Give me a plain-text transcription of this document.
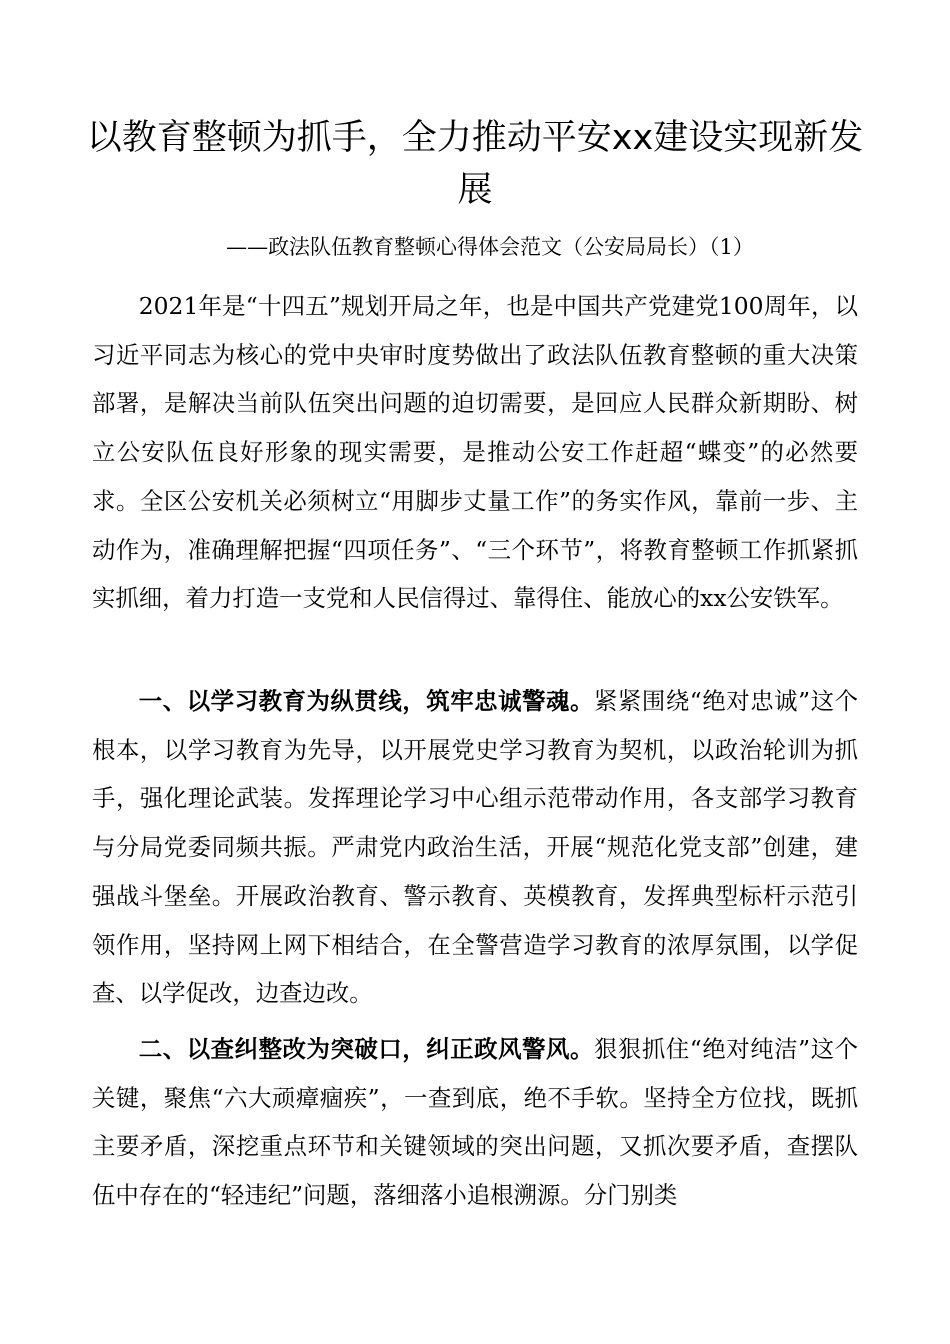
以教育整顿为抓手，全力推动平安xx建设实现新发展
——政法队伍教育整顿心得体会范文（公安局局长）（1）

2021年是“十四五”规划开局之年，也是中国共产党建党100周年，以习近平同志为核心的党中央审时度势做出了政法队伍教育整顿的重大决策部署，是解决当前队伍突出问题的迫切需要，是回应人民群众新期盼、树立公安队伍良好形象的现实需要，是推动公安工作赶超“蝶变”的必然要求。全区公安机关必须树立“用脚步丈量工作”的务实作风，靠前一步、主动作为，准确理解把握“四项任务”、“三个环节”，将教育整顿工作抓紧抓实抓细，着力打造一支党和人民信得过、靠得住、能放心的xx公安铁军。

一、以学习教育为纵贯线，筑牢忠诚警魂。紧紧围绕“绝对忠诚”这个根本，以学习教育为先导，以开展党史学习教育为契机，以政治轮训为抓手，强化理论武装。发挥理论学习中心组示范带动作用，各支部学习教育与分局党委同频共振。严肃党内政治生活，开展“规范化党支部”创建，建强战斗堡垒。开展政治教育、警示教育、英模教育，发挥典型标杆示范引领作用，坚持网上网下相结合，在全警营造学习教育的浓厚氛围，以学促查、以学促改，边查边改。

二、以查纠整改为突破口，纠正政风警风。狠狠抓住“绝对纯洁”这个关键，聚焦“六大顽瘴痼疾”，一查到底，绝不手软。坚持全方位找，既抓主要矛盾，深挖重点环节和关键领域的突出问题，又抓次要矛盾，查摆队伍中存在的“轻违纪”问题，落细落小追根溯源。分门别类
